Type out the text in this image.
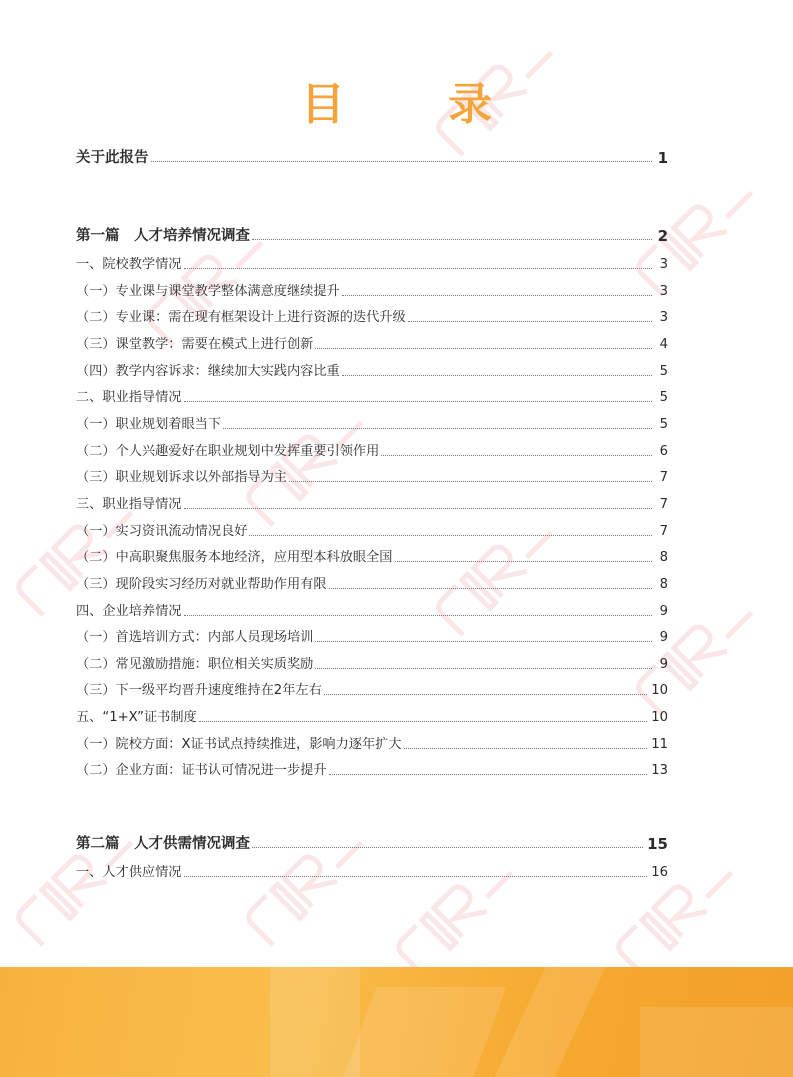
目 录
关于此报告	1
第一篇　人才培养情况调查	2
一、院校教学情况	3
（一）专业课与课堂教学整体满意度继续提升	3
（二）专业课：需在现有框架设计上进行资源的迭代升级	3
（三）课堂教学：需要在模式上进行创新	4
（四）教学内容诉求：继续加大实践内容比重	5
二、职业指导情况	5
（一）职业规划着眼当下	5
（二）个人兴趣爱好在职业规划中发挥重要引领作用	6
（三）职业规划诉求以外部指导为主	7
三、职业指导情况	7
（一）实习资讯流动情况良好	7
（二）中高职聚焦服务本地经济，应用型本科放眼全国	8
（三）现阶段实习经历对就业帮助作用有限	8
四、企业培养情况	9
（一）首选培训方式：内部人员现场培训	9
（二）常见激励措施：职位相关实质奖励	9
（三）下一级平均晋升速度维持在2年左右	10
五、“1+X”证书制度	10
（一）院校方面：X证书试点持续推进，影响力逐年扩大	11
（二）企业方面：证书认可情况进一步提升	13
第二篇　人才供需情况调查	15
一、人才供应情况	16
